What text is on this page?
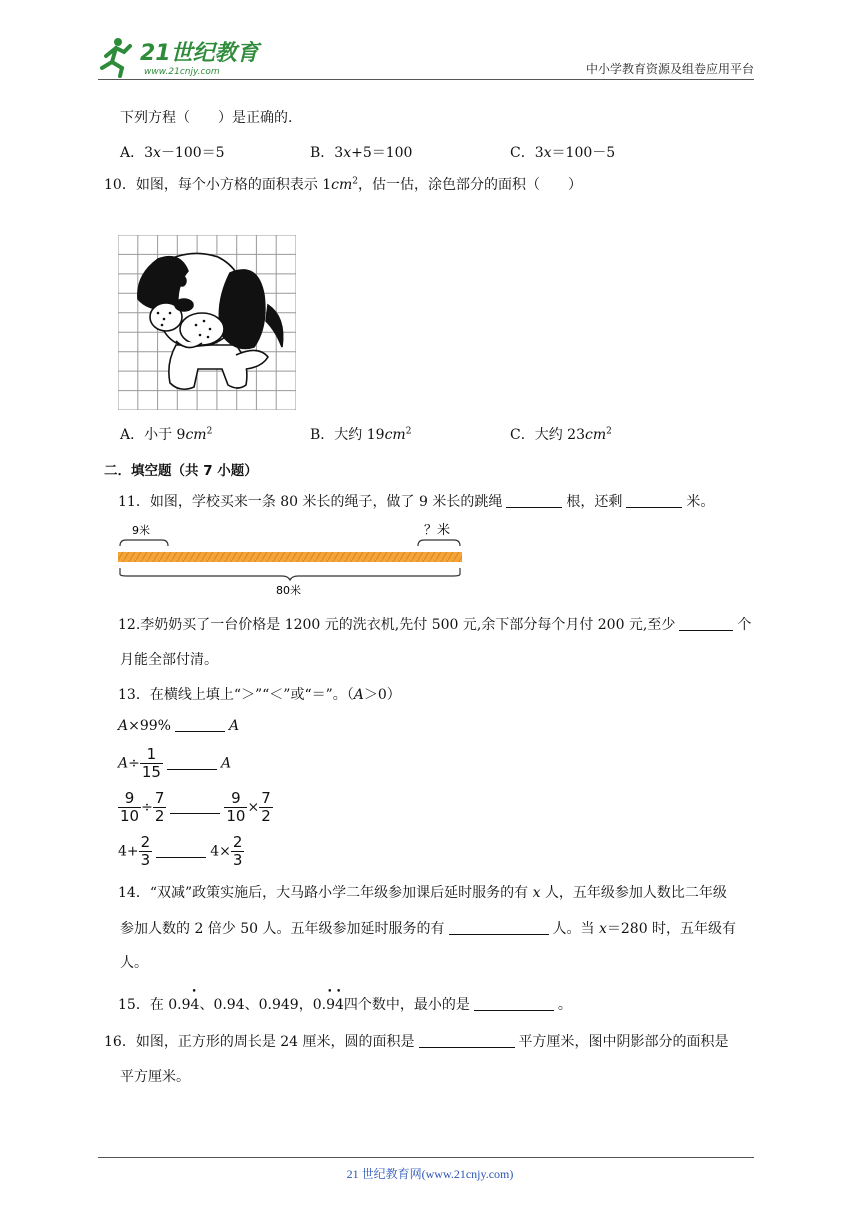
21世纪教育
www.21cnjy.com	中小学教育资源及组卷应用平台
下列方程（　　）是正确的.
A．3x－100＝5	B．3x+5＝100	C．3x＝100－5
10．如图，每个小方格的面积表示 $1cm^2$，估一估，涂色部分的面积（　　）
A．小于 $9cm^2$	B．大约 $19cm^2$	C．大约 $23cm^2$
二．填空题（共 7 小题）
11．如图，学校买来一条 80 米长的绳子，做了 9 米长的跳绳	根，还剩	米。
9米	？米
80米
12.李奶奶买了一台价格是 1200 元的洗衣机,先付 500 元,余下部分每个月付 200 元,至少	个
月能全部付清。
13．在横线上填上“＞”“＜”或“＝”。（A＞0）
A×99%	A
$A\div \frac{1}{15}$	A
$\frac{9}{10} \div \frac{7}{2}$	$\frac{9}{10} \times \frac{7}{2}$
$4+ \frac{2}{3}$	$4\times \frac{2}{3}$
14．“双减”政策实施后，大马路小学二年级参加课后延时服务的有 x 人，五年级参加人数比二年级
参加人数的 2 倍少 50 人。五年级参加延时服务的有	人。当 x＝280 时，五年级有
人。
15．在 0.9• 4、0.94、0.949，0.• 9• 4四个数中，最小的是	。
16．如图，正方形的周长是 24 厘米，圆的面积是	平方厘米，图中阴影部分的面积是
平方厘米。
21 世纪教育网(www.21cnjy.com)
